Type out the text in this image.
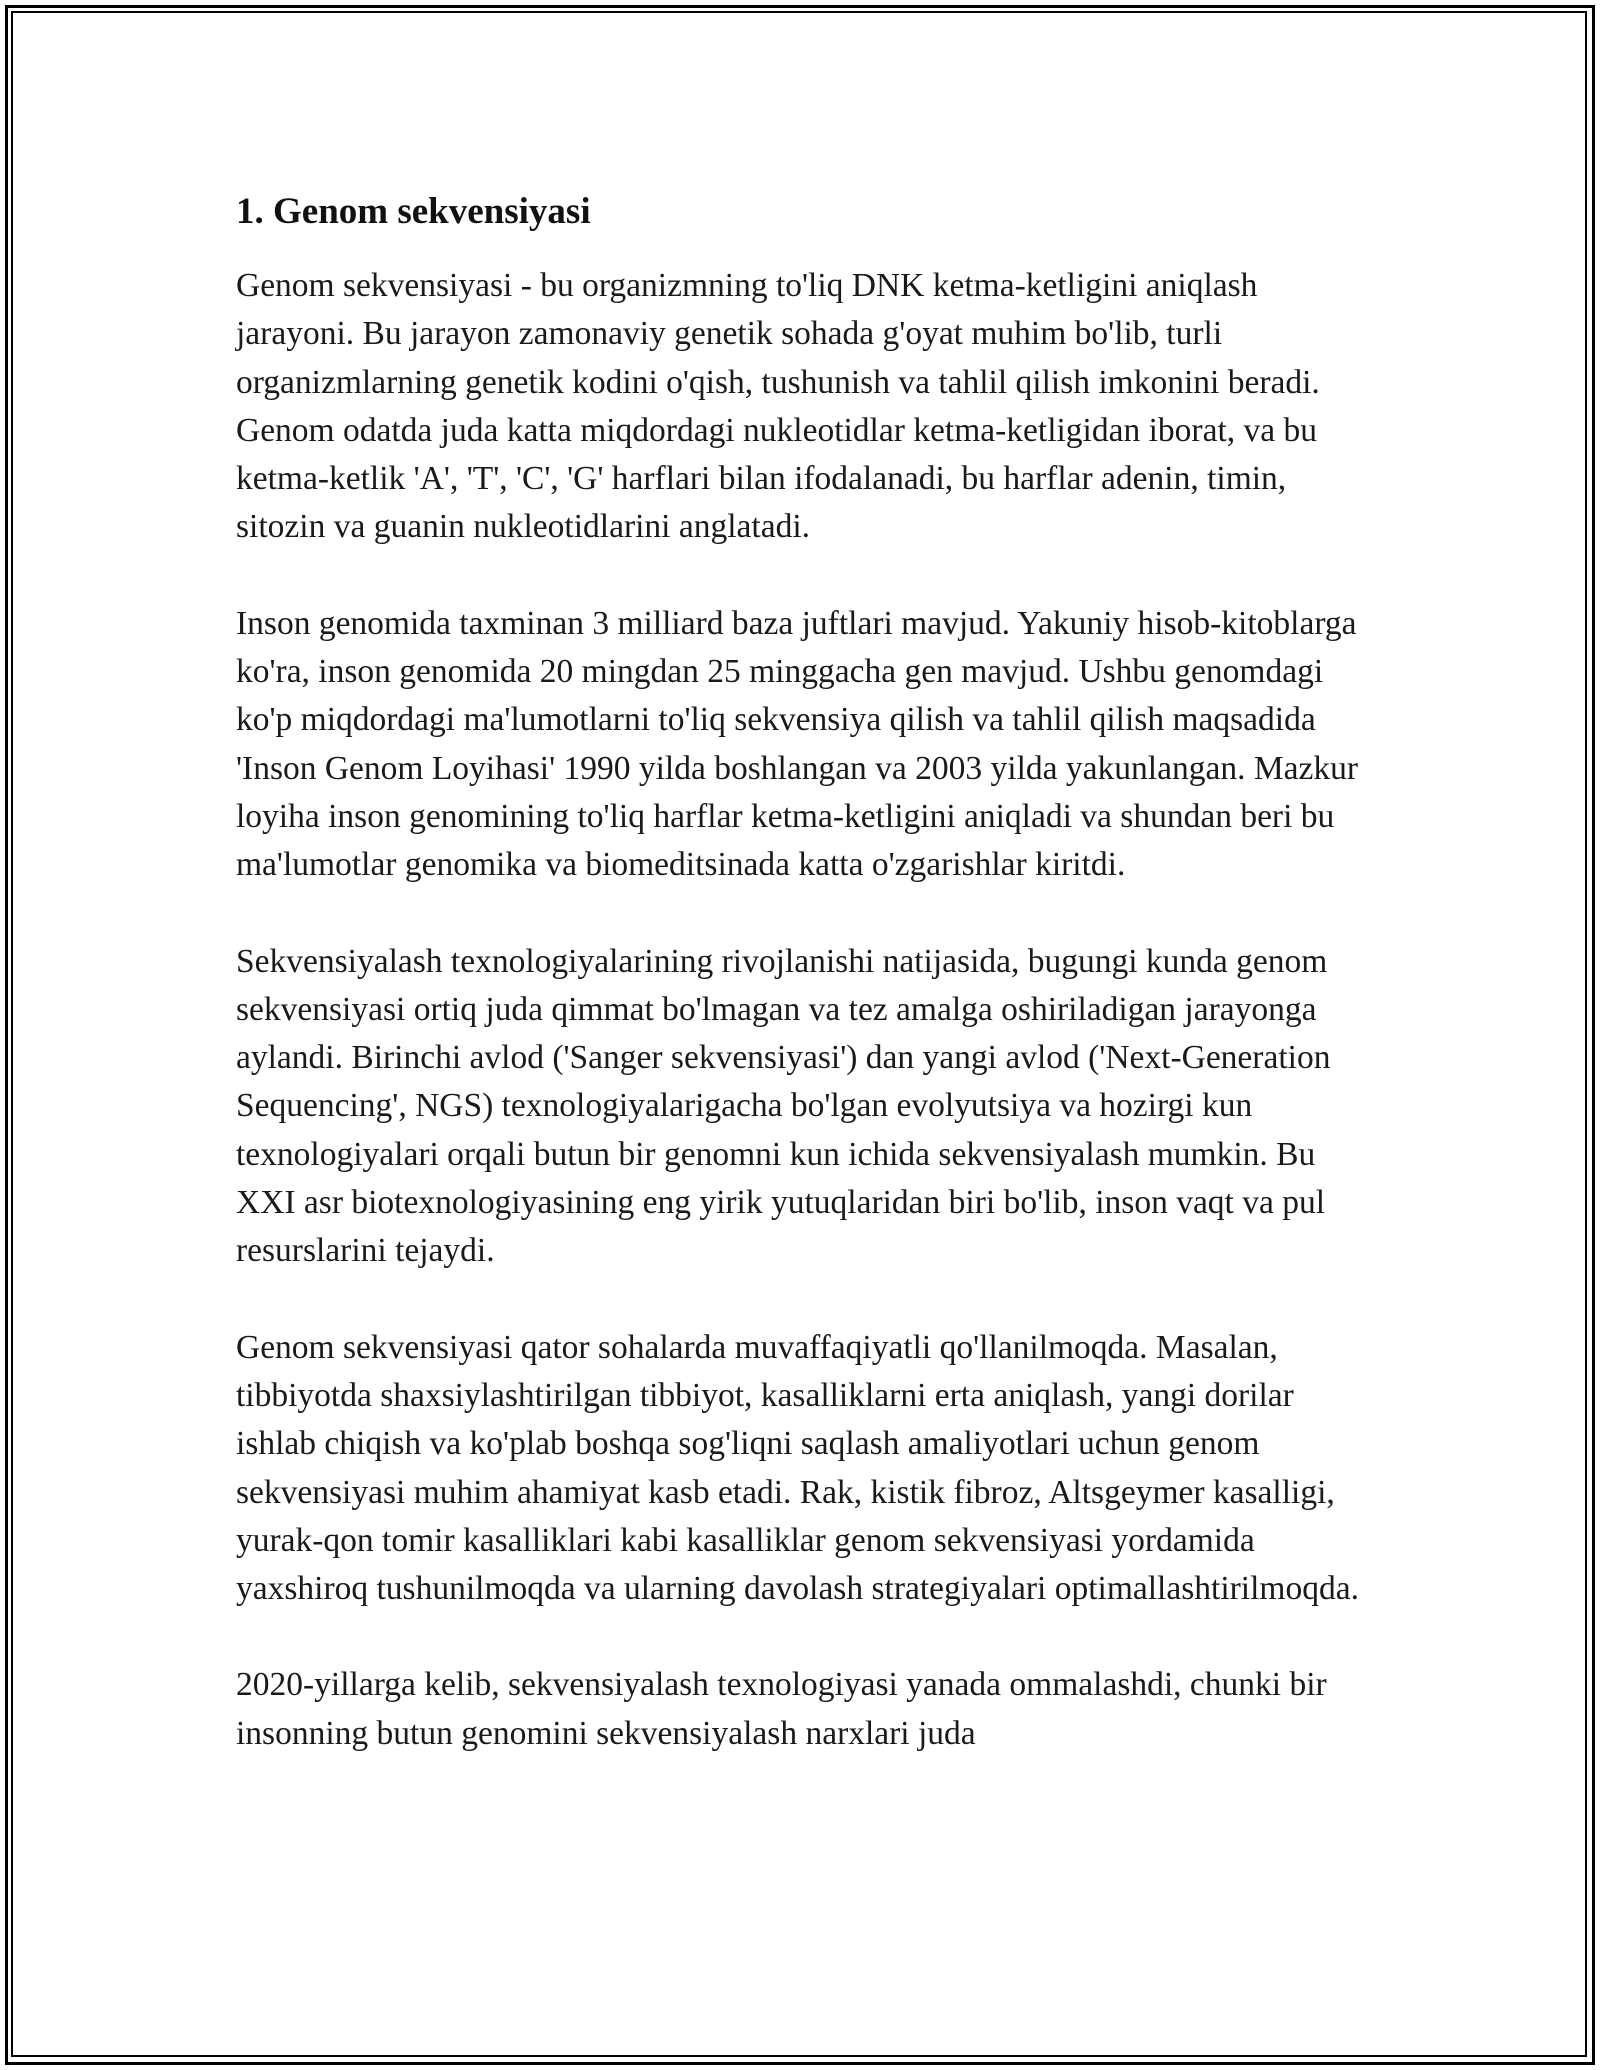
1. Genom sekvensiyasi

Genom sekvensiyasi - bu organizmning to'liq DNK ketma-ketligini aniqlash jarayoni. Bu jarayon zamonaviy genetik sohada g'oyat muhim bo'lib, turli organizmlarning genetik kodini o'qish, tushunish va tahlil qilish imkonini beradi. Genom odatda juda katta miqdordagi nukleotidlar ketma-ketligidan iborat, va bu ketma-ketlik 'A', 'T', 'C', 'G' harflari bilan ifodalanadi, bu harflar adenin, timin, sitozin va guanin nukleotidlarini anglatadi.

Inson genomida taxminan 3 milliard baza juftlari mavjud. Yakuniy hisob-kitoblarga ko'ra, inson genomida 20 mingdan 25 minggacha gen mavjud. Ushbu genomdagi ko'p miqdordagi ma'lumotlarni to'liq sekvensiya qilish va tahlil qilish maqsadida 'Inson Genom Loyihasi' 1990 yilda boshlangan va 2003 yilda yakunlangan. Mazkur loyiha inson genomining to'liq harflar ketma-ketligini aniqladi va shundan beri bu ma'lumotlar genomika va biomeditsinada katta o'zgarishlar kiritdi.

Sekvensiyalash texnologiyalarining rivojlanishi natijasida, bugungi kunda genom sekvensiyasi ortiq juda qimmat bo'lmagan va tez amalga oshiriladigan jarayonga aylandi. Birinchi avlod ('Sanger sekvensiyasi') dan yangi avlod ('Next-Generation Sequencing', NGS) texnologiyalarigacha bo'lgan evolyutsiya va hozirgi kun texnologiyalari orqali butun bir genomni kun ichida sekvensiyalash mumkin. Bu XXI asr biotexnologiyasining eng yirik yutuqlaridan biri bo'lib, inson vaqt va pul resurslarini tejaydi.

Genom sekvensiyasi qator sohalarda muvaffaqiyatli qo'llanilmoqda. Masalan, tibbiyotda shaxsiylashtirilgan tibbiyot, kasalliklarni erta aniqlash, yangi dorilar ishlab chiqish va ko'plab boshqa sog'liqni saqlash amaliyotlari uchun genom sekvensiyasi muhim ahamiyat kasb etadi. Rak, kistik fibroz, Altsgeymer kasalligi, yurak-qon tomir kasalliklari kabi kasalliklar genom sekvensiyasi yordamida yaxshiroq tushunilmoqda va ularning davolash strategiyalari optimallashtirilmoqda.

2020-yillarga kelib, sekvensiyalash texnologiyasi yanada ommalashdi, chunki bir insonning butun genomini sekvensiyalash narxlari juda
